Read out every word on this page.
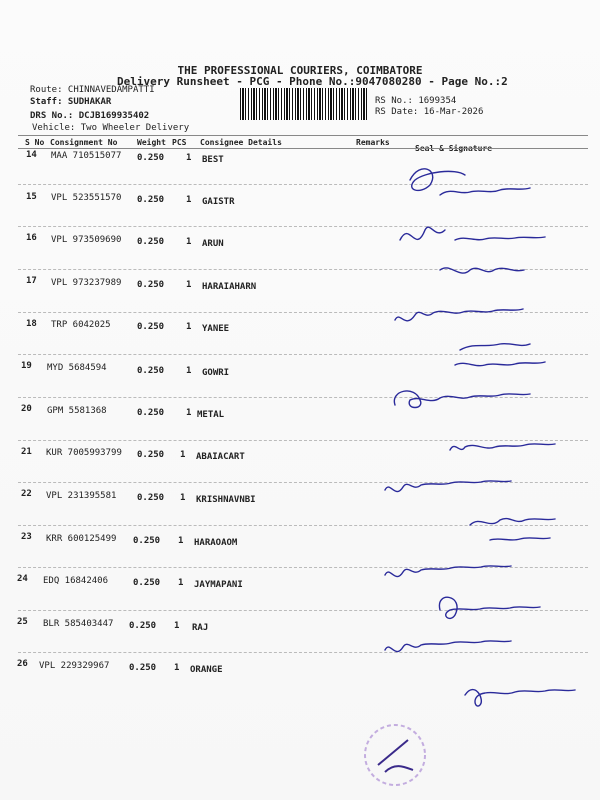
THE PROFESSIONAL COURIERS, COIMBATORE
Delivery Runsheet - PCG - Phone No.:9047080280 - Page No.:2
Route: CHINNAVEDAMPATTI
Staff: SUDHAKAR
DRS No.: DCJB169935402
Vehicle: Two Wheeler Delivery
RS No.: 1699354
RS Date: 16-Mar-2026
S No Consignment No Weight PCS Consignee Details	Remarks
Seal & Signature
14 MAA 710515077 0.250 1 BEST
15 VPL 523551570 0.250 1 GAISTR
16 VPL 973509690 0.250 1 ARUN
17 VPL 973237989 0.250 1 HARAIAHARN
18 TRP 6042025	0.250 1 YANEE
19 MYD 5684594	0.250 1 GOWRI
20 GPM 5581368	0.250 1 METAL
21 KUR 7005993799 0.250 1 ABAIACART
22 VPL 231395581 0.250 1 KRISHNAVNBI
23 KRR 600125499 0.250 1 HARAOAOM
24 EDQ 16842406	0.250 1 JAYMAPANI
25 BLR 585403447 0.250 1 RAJ
26 VPL 229329967 0.250 1 ORANGE
